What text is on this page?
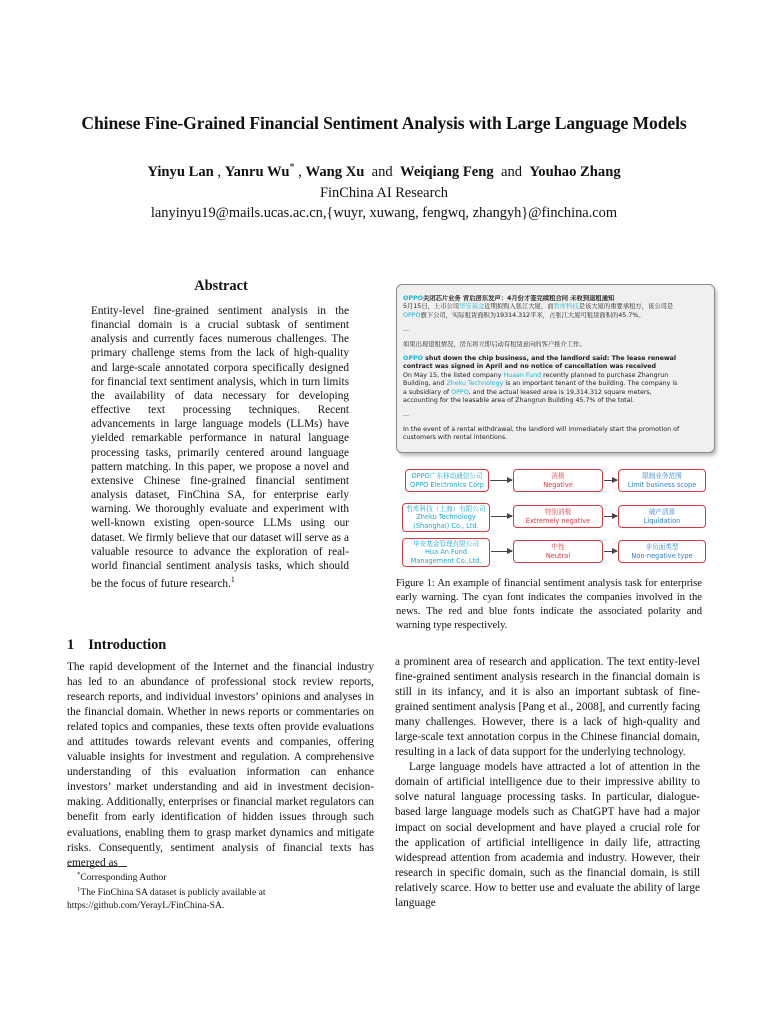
Chinese Fine-Grained Financial Sentiment Analysis with Large Language Models
Yinyu Lan , Yanru Wu* , Wang Xu  and  Weiqiang Feng  and  Youhao Zhang
FinChina AI Research
lanyinyu19@mails.ucas.ac.cn,{wuyr, xuwang, fengwq, zhangyh}@finchina.com
Abstract
Entity-level fine-grained sentiment analysis in the financial domain is a crucial subtask of sentiment analysis and currently faces numerous challenges. The primary challenge stems from the lack of high-quality and large-scale annotated corpora specifically designed for financial text sentiment analysis, which in turn limits the availability of data necessary for developing effective text processing techniques. Recent advancements in large language models (LLMs) have yielded remarkable performance in natural language processing tasks, primarily centered around language pattern matching. In this paper, we propose a novel and extensive Chinese fine-grained financial sentiment analysis dataset, FinChina SA, for enterprise early warning. We thoroughly evaluate and experiment with well-known existing open-source LLMs using our dataset. We firmly believe that our dataset will serve as a valuable resource to advance the exploration of real-world financial sentiment analysis tasks, which should be the focus of future research.$^1$
1 Introduction
The rapid development of the Internet and the financial industry has led to an abundance of professional stock review reports, research reports, and individual investors’ opinions and analyses in the financial domain. Whether in news reports or commentaries on related topics and companies, these texts often provide evaluations and attitudes towards relevant events and companies, offering valuable insights for investment and regulation. A comprehensive understanding of this evaluation information can enhance investors’ market understanding and aid in investment decision-making. Additionally, enterprises or financial market regulators can benefit from early identification of hidden issues through such evaluations, enabling them to grasp market dynamics and mitigate risks. Consequently, sentiment analysis of financial texts has emerged as

a prominent area of research and application. The text entity-level fine-grained sentiment analysis research in the financial domain is still in its infancy, and it is also an important subtask of fine-grained sentiment analysis [Pang et al., 2008], and currently facing many challenges. However, there is a lack of high-quality and large-scale text annotation corpus in the Chinese financial domain, resulting in a lack of data support for the underlying technology.

Large language models have attracted a lot of attention in the domain of artificial intelligence due to their impressive ability to solve natural language processing tasks. In particular, dialogue-based large language models such as ChatGPT have had a major impact on social development and have played a crucial role for the application of artificial intelligence in daily life, attracting widespread attention from academia and industry. However, their research in specific domain, such as the financial domain, is still relatively scarce. How to better use and evaluate the ability of large language

*Corresponding Author
$^1$The FinChina SA dataset is publicly available at https://github.com/YerayL/FinChina-SA.
OPPO关闭芯片业务 背后房东发声：4月份才签完续租合同 未收到退租通知
5月15日，上市公司华安基金近期拟购入张江大厦，而哲库科技是该大厦的重要承租方，该公司是
OPPO旗下公司，实际租赁面积为19314.312平米，占张江大厦可租赁面积的45.7%。
...
如果出现退租情况，房东将立即启动有租赁意向的客户推介工作。
OPPO shut down the chip business, and the landlord said: The lease renewal
contract was signed in April and no notice of cancellation was received
On May 15, the listed company Huaan Fund recently planned to purchase Zhangrun
Building, and Zheku Technology is an important tenant of the building. The company is
a subsidiary of OPPO, and the actual leased area is 19,314.312 square meters,
accounting for the leasable area of Zhangrun Building 45.7% of the total.
...
In the event of a rental withdrawal, the landlord will immediately start the promotion of
customers with rental intentions.
OPPO广东移动通信公司
OPPO Electronics Corp
消极
Negative
限制业务范围
Limit business scope
哲库科技（上海）有限公司
Zheku Technology (Shanghai) Co., Ltd.
特别消极
Extremely negative
破产清算
Liquidation
华安基金管理有限公司
Hua An Fund Management Co.,Ltd.
中性
Neutral
非负面类型
Non-negative type
Figure 1: An example of financial sentiment analysis task for enterprise early warning. The cyan font indicates the companies involved in the news. The red and blue fonts indicate the associated polarity and warning type respectively.
